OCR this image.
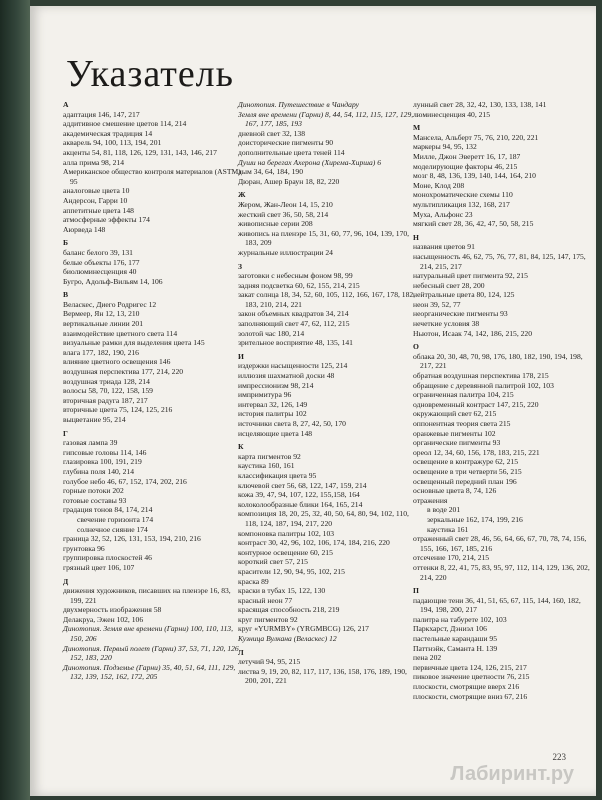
Указатель
А
адаптация 146, 147, 217
аддитивное смешение цветов 114, 214
академическая традиция 14
акварель 94, 100, 113, 194, 201
акценты 54, 81, 118, 126, 129, 131, 143, 146, 217
алла прима 98, 214
Американское общество контроля материалов (ASTM) 95
аналоговые цвета 10
Андерсон, Гарри 10
аппетитные цвета 148
атмосферные эффекты 174
Аюрведа 148
Б
баланс белого 39, 131
белые объекты 176, 177
биолюминесценция 40
Бугро, Адольф-Вильям 14, 106
В
Веласкес, Диего Родригес 12
Вермеер, Ян 12, 13, 210
вертикальные линии 201
взаимодействие цветного света 114
визуальные рамки для выделения цвета 145
влага 177, 182, 190, 216
влияние цветного освещения 146
воздушная перспектива 177, 214, 220
воздушная триада 128, 214
волосы 58, 70, 122, 158, 159
вторичная радуга 187, 217
вторичные цвета 75, 124, 125, 216
выцветание 95, 214
Г
газовая лампа 39
гипсовые головы 114, 146
глазировка 100, 191, 219
глубина поля 140, 214
голубое небо 46, 67, 152, 174, 202, 216
горные потоки 202
готовые составы 93
градация тонов 84, 174, 214
свечение горизонта 174
солнечное сияние 174
граница 32, 52, 126, 131, 153, 194, 210, 216
грунтовка 96
группировка плоскостей 46
грязный цвет 106, 107
Д
движения художников, писавших на пленэре 16, 83, 199, 221
двухмерность изображения 58
Делакруа, Эжен 102, 106
Динотопия. Земля вне времени (Гарни) 100, 110, 113, 150, 206
Динотопия. Первый полет (Гарни) 37, 53, 71, 120, 126, 152, 183, 220
Динотопия. Подземье (Гарни) 35, 40, 51, 64, 111, 129, 132, 139, 152, 162, 172, 205
Динотопия. Путешествие в Чандару
Земля вне времени (Гарни) 8, 44, 54, 112, 115, 127, 129, 167, 177, 185, 193
дневной свет 32, 138
доисторические пигменты 90
дополнительные цвета теней 114
Души на берегах Ахерона (Хирема-Хирша) 6
дым 34, 64, 184, 190
Дюран, Ашер Браун 18, 82, 220
Ж
Жером, Жан-Леон 14, 15, 210
жесткий свет 36, 50, 58, 214
живописные серии 208
живопись на пленэре 15, 31, 60, 77, 96, 104, 139, 170, 183, 209
журнальные иллюстрации 24
З
заготовки с небесным фоном 98, 99
задняя подсветка 60, 62, 155, 214, 215
закат солнца 18, 34, 52, 60, 105, 112, 166, 167, 178, 182, 183, 210, 214, 221
закон объемных квадратов 34, 214
заполняющий свет 47, 62, 112, 215
золотой час 180, 214
зрительное восприятие 48, 135, 141
И
издержки насыщенности 125, 214
иллюзия шахматной доски 48
импрессионизм 98, 214
импримитура 96
интервал 32, 126, 149
история палитры 102
источники света 8, 27, 42, 50, 170
исцеляющие цвета 148
К
карта пигментов 92
каустика 160, 161
классификация цвета 95
ключевой свет 56, 68, 122, 147, 159, 214
кожа 39, 47, 94, 107, 122, 155,158, 164
колоколообразные блики 164, 165, 214
композиция 18, 20, 25, 32, 40, 50, 64, 80, 94, 102, 110, 118, 124, 187, 194, 217, 220
компоновка палитры 102, 103
контраст 30, 42, 96, 102, 106, 174, 184, 216, 220
контурное освещение 60, 215
короткий свет 57, 215
красители 12, 90, 94, 95, 102, 215
краска 89
краски в тубах 15, 122, 130
красный неон 77
красящая способность 218, 219
круг пигментов 92
круг «YURMBY» (YRGMBCG) 126, 217
Кузница Вулкана (Веласкес) 12
Л
летучий 94, 95, 215
листва 9, 19, 20, 82, 117, 117, 136, 158, 176, 189, 190, 200, 201, 221
лунный свет 28, 32, 42, 130, 133, 138, 141
люминесценция 40, 215
М
Мансела, Альберт 75, 76, 210, 220, 221
маркеры 94, 95, 132
Милле, Джон Эверетт 16, 17, 187
моделирующие факторы 46, 215
мозг 8, 48, 136, 139, 140, 144, 164, 210
Моне, Клод 208
монохроматические схемы 110
мультипликация 132, 168, 217
Муха, Альфонс 23
мягкий свет 28, 36, 42, 47, 50, 58, 215
Н
названия цветов 91
насыщенность 46, 62, 75, 76, 77, 81, 84, 125, 147, 175, 214, 215, 217
натуральный цвет пигмента 92, 215
небесный свет 28, 200
нейтральные цвета 80, 124, 125
неон 39, 52, 77
неорганические пигменты 93
нечеткие условия 38
Ньютон, Исаак 74, 142, 186, 215, 220
О
облака 20, 30, 48, 70, 98, 176, 180, 182, 190, 194, 198, 217, 221
обратная воздушная перспектива 178, 215
обращение с деревянной палитрой 102, 103
ограниченная палитра 104, 215
одновременный контраст 147, 215, 220
окружающий свет 62, 215
оппонентная теория света 215
оранжевые пигменты 102
органические пигменты 93
ореол 12, 34, 60, 156, 178, 183, 215, 221
освещение в контражуре 62, 215
освещение в три четверти 56, 215
освещенный передний план 196
основные цвета 8, 74, 126
отражения
в воде 201
зеркальные 162, 174, 199, 216
каустика 161
отраженный свет 28, 46, 56, 64, 66, 67, 70, 78, 74, 156, 155, 166, 167, 185, 216
отсечение 170, 214, 215
оттенки 8, 22, 41, 75, 83, 95, 97, 112, 114, 129, 136, 202, 214, 220
П
падающие тени 36, 41, 51, 65, 67, 115, 144, 160, 182, 194, 198, 200, 217
палитра на табурете 102, 103
Паркхарст, Дэниэл 106
пастельные карандаши 95
Паттнэйк, Саманта Н. 139
пена 202
первичные цвета 124, 126, 215, 217
пиковое значение цветности 76, 215
плоскости, смотрящие вверх 216
плоскости, смотрящие вниз 67, 216
223
Лабиринт.ру
